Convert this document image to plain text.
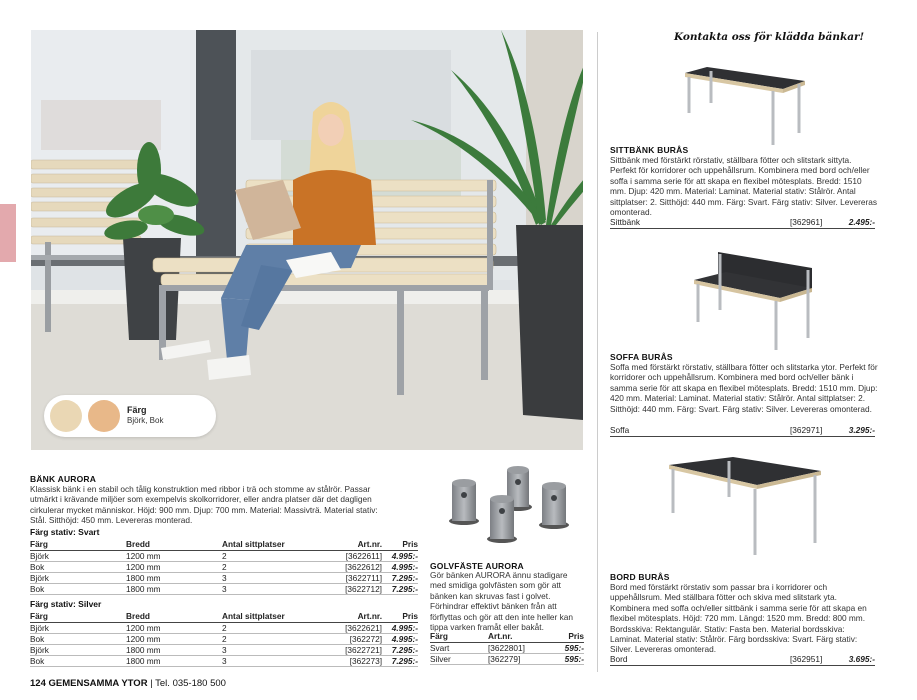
Färg
Björk, Bok
BÄNK AURORA
Klassisk bänk i en stabil och tålig konstruktion med ribbor i trä och stomme av stålrör. Passar utmärkt i krävande miljöer som exempelvis skolkorridorer, eller andra platser där det dagligen cirkulerar mycket människor. Höjd: 900 mm. Djup: 700 mm. Material: Massivträ. Material stativ: Stål. Sitthöjd: 450 mm. Levereras monterad.
Färg stativ: Svart
Färg	Bredd	Antal sittplatser	Art.nr.	Pris
Björk	1200 mm	2	[3622611]	4.995:-
Bok	1200 mm	2	[3622612]	4.995:-
Björk	1800 mm	3	[3622711]	7.295:-
Bok	1800 mm	3	[3622712]	7.295:-
Färg stativ: Silver
Färg	Bredd	Antal sittplatser	Art.nr.	Pris
Björk	1200 mm	2	[3622621]	4.995:-
Bok	1200 mm	2	[362272]	4.995:-
Björk	1800 mm	3	[3622721]	7.295:-
Bok	1800 mm	3	[362273]	7.295:-
GOLVFÄSTE AURORA
Gör bänken AURORA ännu stadigare med smidiga golvfästen som gör att bänken kan skruvas fast i golvet. Förhindrar effektivt bänken från att förflyttas och gör att den inte heller kan tippa varken framåt eller bakåt.
Färg	Art.nr.	Pris
Svart	[3622801]	595:-
Silver	[362279]	595:-
Kontakta oss för klädda bänkar!
SITTBÄNK BURÅS
Sittbänk med förstärkt rörstativ, ställbara fötter och slitstark sittyta. Perfekt för korridorer och uppehållsrum. Kombinera med bord och/eller soffa i samma serie för att skapa en flexibel mötesplats. Bredd: 1510 mm. Djup: 420 mm. Material: Laminat. Material stativ: Stålrör. Antal sittplatser: 2. Sitthöjd: 440 mm. Färg: Svart. Färg stativ: Silver. Levereras omonterad.
Sittbänk	[362961]	2.495:-
SOFFA BURÅS
Soffa med förstärkt rörstativ, ställbara fötter och slitstarka ytor. Perfekt för korridorer och uppehållsrum. Kombinera med bord och/eller bänk i samma serie för att skapa en flexibel mötesplats. Bredd: 1510 mm. Djup: 420 mm. Material: Laminat. Material stativ: Stålrör. Antal sittplatser: 2. Sitthöjd: 440 mm. Färg: Svart. Färg stativ: Silver. Levereras omonterad.
Soffa	[362971]	3.295:-
BORD BURÅS
Bord med förstärkt rörstativ som passar bra i korridorer och uppehållsrum. Med ställbara fötter och skiva med slitstark yta. Kombinera med soffa och/eller sittbänk i samma serie för att skapa en flexibel mötesplats. Höjd: 720 mm. Längd: 1520 mm. Bredd: 800 mm. Bordsskiva: Rektangulär. Stativ: Fasta ben. Material bordsskiva: Laminat. Material stativ: Stålrör. Färg bordsskiva: Svart. Färg stativ: Silver. Levereras omonterad.
Bord	[362951]	3.695:-
124 GEMENSAMMA YTOR | Tel. 035-180 500
